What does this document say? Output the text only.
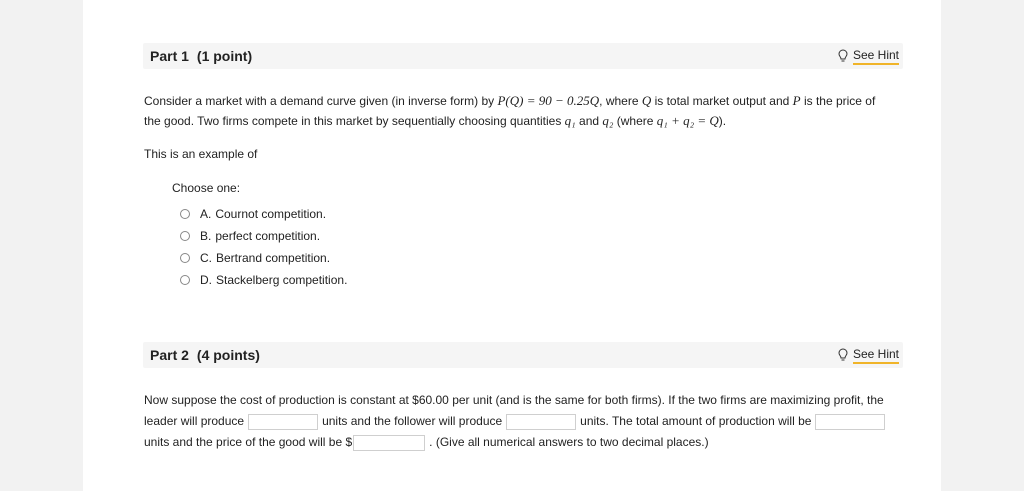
Part 1 (1 point)	See Hint
Consider a market with a demand curve given (in inverse form) by P(Q) = 90 − 0.25Q, where Q is total market output and P is the price of the good. Two firms compete in this market by sequentially choosing quantities q₁ and q₂ (where q₁ + q₂ = Q).
This is an example of
Choose one:
A. Cournot competition.
B. perfect competition.
C. Bertrand competition.
D. Stackelberg competition.
Part 2 (4 points)	See Hint
Now suppose the cost of production is constant at $60.00 per unit (and is the same for both firms). If the two firms are maximizing profit, the leader will produce	units and the follower will produce	units. The total amount of production will beunits and the price of the good will be $	. (Give all numerical answers to two decimal places.)
